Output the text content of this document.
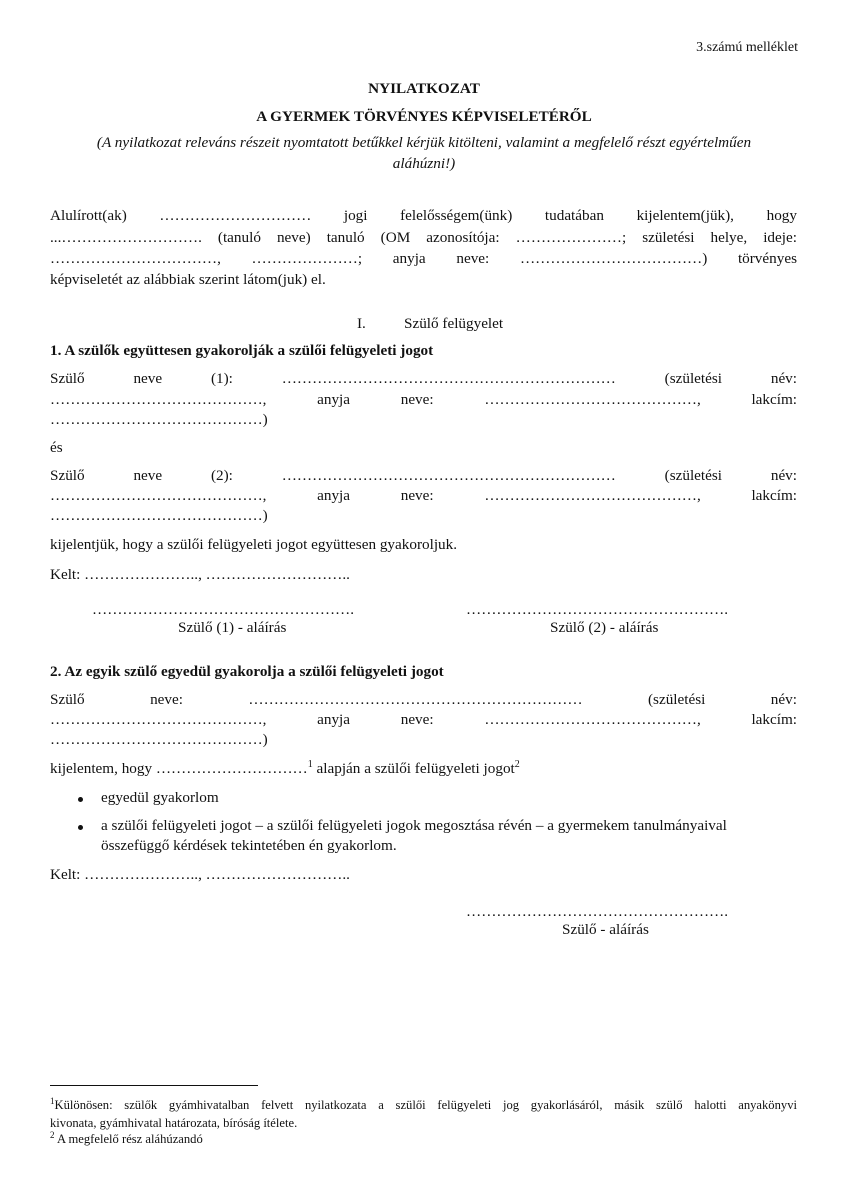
3.számú melléklet
NYILATKOZAT
A GYERMEK TÖRVÉNYES KÉPVISELETÉRŐL
(A nyilatkozat releváns részeit nyomtatott betűkkel kérjük kitölteni, valamint a megfelelő részt egyértelműen
aláhúzni!)
Alulírott(ak) ………………………… jogi felelősségem(ünk) tudatában kijelentem(jük), hogy
...………………………. (tanuló neve) tanuló (OM azonosítója: …………………; születési helye, ideje:
……………………………, …………………; anyja neve: ………………………………) törvényes
képviseletét az alábbiak szerint látom(juk) el.
I.	Szülő felügyelet
1. A szülők együttesen gyakorolják a szülői felügyeleti jogot
Szülő	neve	(1):	…………………………………………………………	(születési	név:
……………………………………,	anyja	neve:	……………………………………,	lakcím:
……………………………………)
és
Szülő	neve	(2):	…………………………………………………………	(születési	név:
……………………………………,	anyja	neve:	……………………………………,	lakcím:
……………………………………)
kijelentjük, hogy a szülői felügyeleti jogot együttesen gyakoroljuk.
Kelt: ………………….., ………………………..
…………………………………………….
Szülő (1) - aláírás
…………………………………………….
Szülő (2) - aláírás
2. Az egyik szülő egyedül gyakorolja a szülői felügyeleti jogot
Szülő	neve:	…………………………………………………………	(születési	név:
……………………………………,	anyja	neve:	……………………………………,	lakcím:
……………………………………)
kijelentem, hogy …………………………$^1$ alapján a szülői felügyeleti jogot$^2$
egyedül gyakorlom
a szülői felügyeleti jogot – a szülői felügyeleti jogok megosztása révén – a gyermekem tanulmányaival
összefüggő kérdések tekintetében én gyakorlom.
Kelt: ………………….., ………………………..
…………………………………………….
Szülő - aláírás
$^1$Különösen: szülők gyámhivatalban felvett nyilatkozata a szülői felügyeleti jog gyakorlásáról, másik szülő halotti anyakönyvi
kivonata, gyámhivatal határozata, bíróság ítélete.
$^2$ A megfelelő rész aláhúzandó
